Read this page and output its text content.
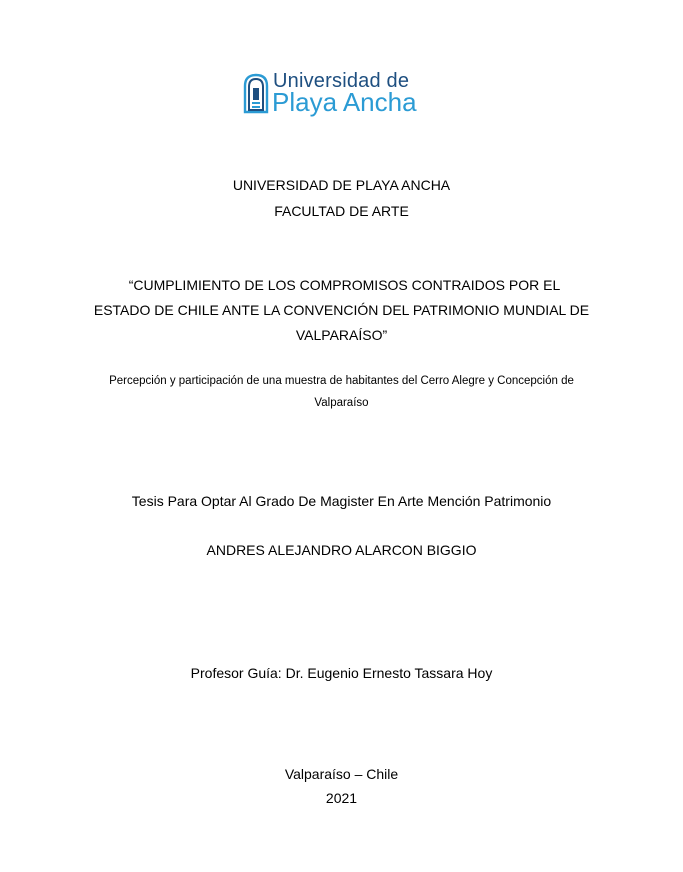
Universidad de
Playa Ancha
UNIVERSIDAD DE PLAYA ANCHA
FACULTAD DE ARTE
“CUMPLIMIENTO DE LOS COMPROMISOS CONTRAIDOS POR EL
ESTADO DE CHILE ANTE LA CONVENCIÓN DEL PATRIMONIO MUNDIAL DE
VALPARAÍSO”
Percepción y participación de una muestra de habitantes del Cerro Alegre y Concepción de
Valparaíso
Tesis Para Optar Al Grado De Magister En Arte Mención Patrimonio
ANDRES ALEJANDRO ALARCON BIGGIO
Profesor Guía: Dr. Eugenio Ernesto Tassara Hoy
Valparaíso – Chile
2021
